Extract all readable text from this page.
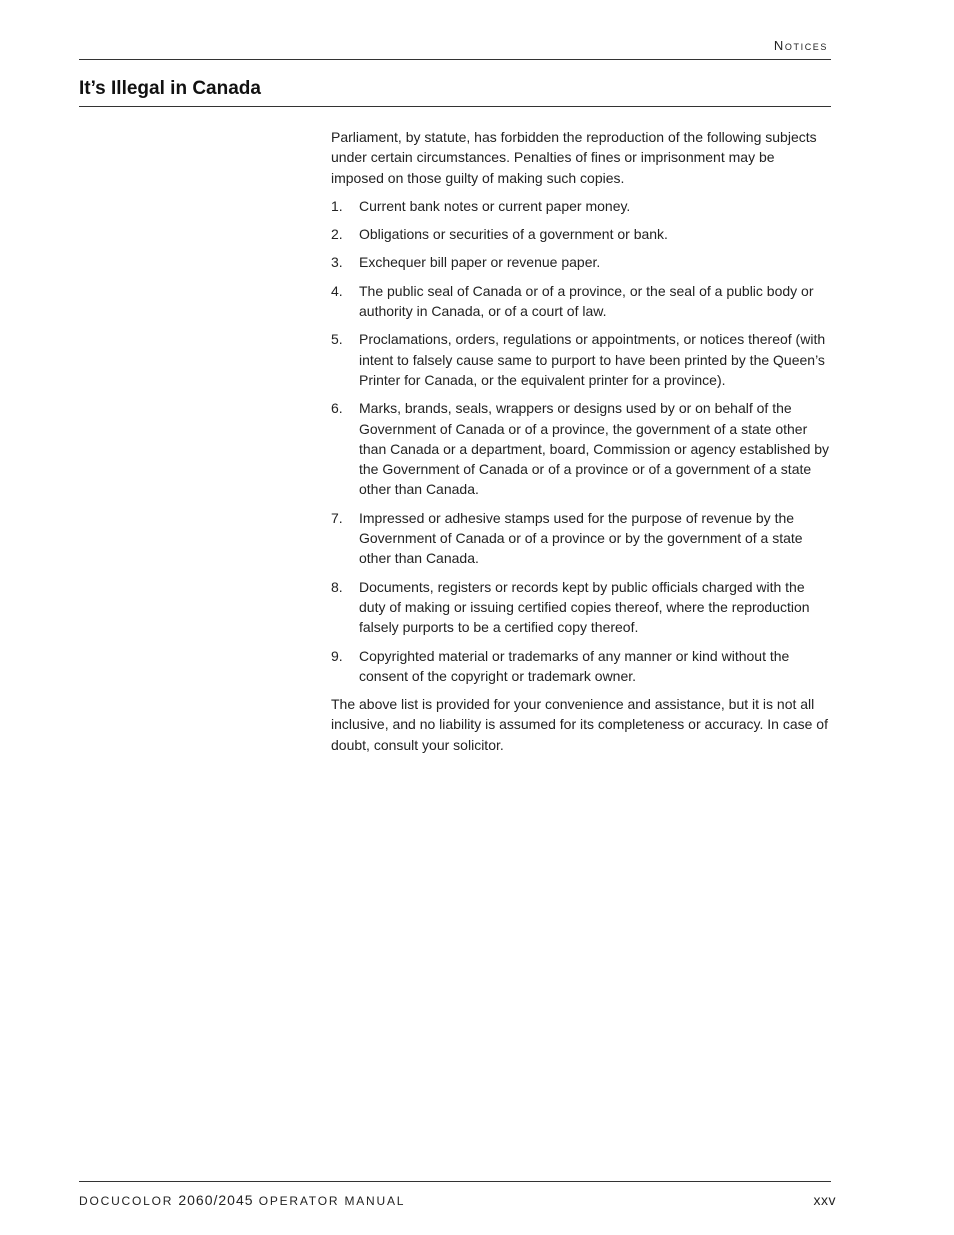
Notices
It’s Illegal in Canada

Parliament, by statute, has forbidden the reproduction of the following subjects under certain circumstances. Penalties of fines or imprisonment may be imposed on those guilty of making such copies.

1. Current bank notes or current paper money.
2. Obligations or securities of a government or bank.
3. Exchequer bill paper or revenue paper.
4. The public seal of Canada or of a province, or the seal of a public body or authority in Canada, or of a court of law.
5. Proclamations, orders, regulations or appointments, or notices thereof (with intent to falsely cause same to purport to have been printed by the Queen’s Printer for Canada, or the equivalent printer for a province).
6. Marks, brands, seals, wrappers or designs used by or on behalf of the Government of Canada or of a province, the government of a state other than Canada or a department, board, Commission or agency established by the Government of Canada or of a province or of a government of a state other than Canada.
7. Impressed or adhesive stamps used for the purpose of revenue by the Government of Canada or of a province or by the government of a state other than Canada.
8. Documents, registers or records kept by public officials charged with the duty of making or issuing certified copies thereof, where the reproduction falsely purports to be a certified copy thereof.
9. Copyrighted material or trademarks of any manner or kind without the consent of the copyright or trademark owner.

The above list is provided for your convenience and assistance, but it is not all inclusive, and no liability is assumed for its completeness or accuracy. In case of doubt, consult your solicitor.

DOCUCOLOR 2060/2045 OPERATOR MANUAL	xxv
